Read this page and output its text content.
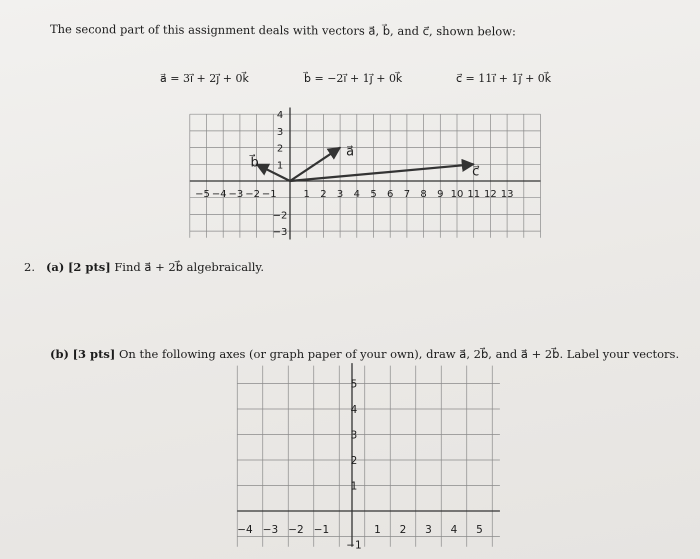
The second part of this assignment deals with vectors a⃗, b⃗, and c⃗, shown below:
a⃗ = 3ı⃗ + 2ȷ⃗ + 0k⃗	b⃗ = −2ı⃗ + 1ȷ⃗ + 0k⃗	c⃗ = 11ı⃗ + 1ȷ⃗ + 0k⃗
−5 −4 −3 −2 −1	1 2 3 4 5 6 7 8 9 10 11 12 13
4
3
2
1
−2
−3
a⃗
b⃗
c⃗
−4 −3 −2 −1	1 2 3 4 5
5
4
3
2
1
−1
2. (a) [2 pts] Find a⃗ + 2b⃗ algebraically.
(b) [3 pts] On the following axes (or graph paper of your own), draw a⃗, 2b⃗, and a⃗ + 2b⃗. Label your vectors.
